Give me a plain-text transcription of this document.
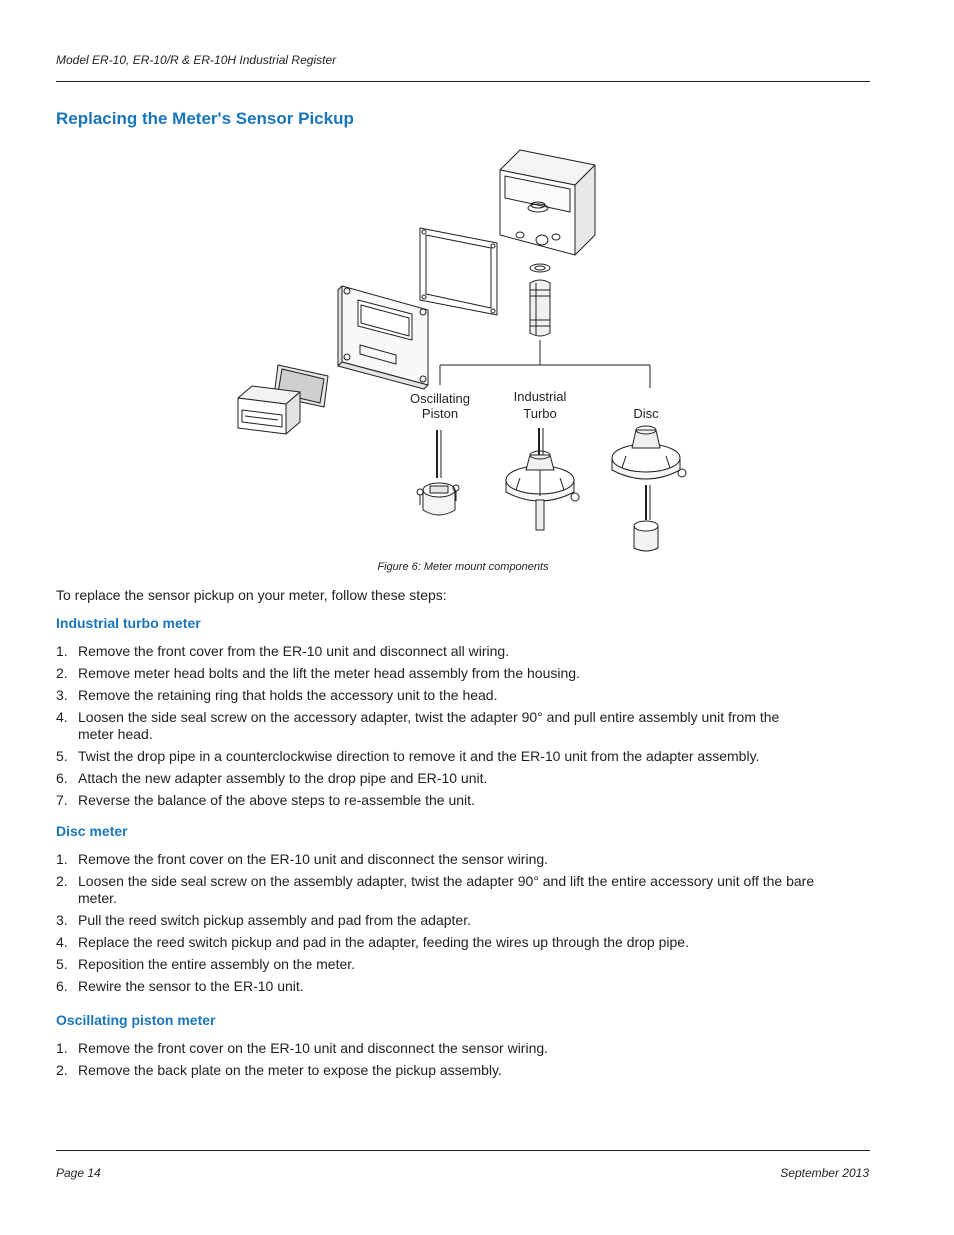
Model ER-10, ER-10/R & ER-10H Industrial Register
Replacing the Meter's Sensor Pickup
Oscillating
Piston
Industrial
Turbo	Disc
Figure 6: Meter mount components
To replace the sensor pickup on your meter, follow these steps:
Industrial turbo meter
1. Remove the front cover from the ER-10 unit and disconnect all wiring.
2. Remove meter head bolts and the lift the meter head assembly from the housing.
3. Remove the retaining ring that holds the accessory unit to the head.
4. Loosen the side seal screw on the accessory adapter, twist the adapter 90° and pull entire assembly unit from the meter head.
5. Twist the drop pipe in a counterclockwise direction to remove it and the ER-10 unit from the adapter assembly.
6. Attach the new adapter assembly to the drop pipe and ER-10 unit.
7. Reverse the balance of the above steps to re-assemble the unit.
Disc meter
1. Remove the front cover on the ER-10 unit and disconnect the sensor wiring.
2. Loosen the side seal screw on the assembly adapter, twist the adapter 90° and lift the entire accessory unit off the bare meter.
3. Pull the reed switch pickup assembly and pad from the adapter.
4. Replace the reed switch pickup and pad in the adapter, feeding the wires up through the drop pipe.
5. Reposition the entire assembly on the meter.
6. Rewire the sensor to the ER-10 unit.
Oscillating piston meter
1. Remove the front cover on the ER-10 unit and disconnect the sensor wiring.
2. Remove the back plate on the meter to expose the pickup assembly.
Page 14	September 2013
